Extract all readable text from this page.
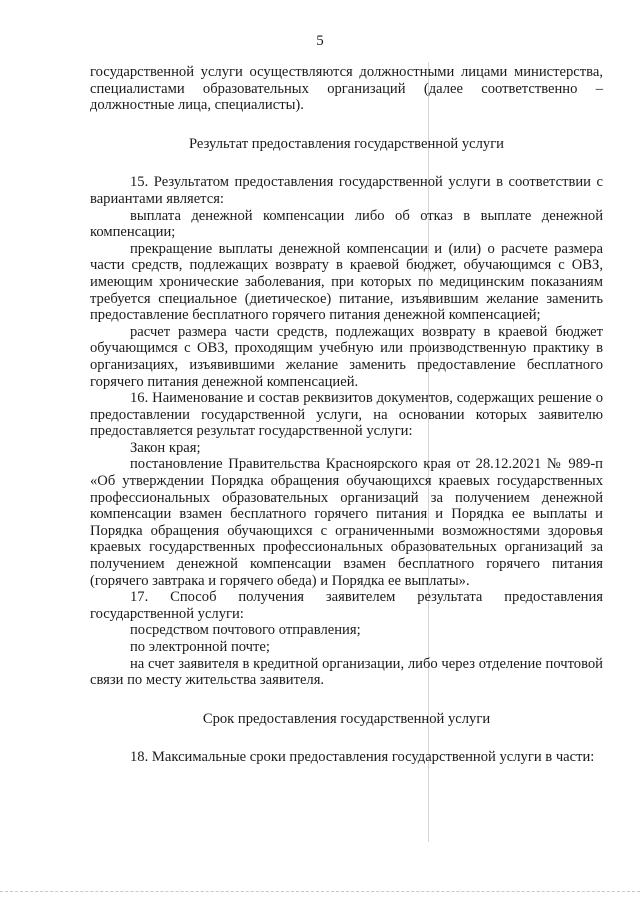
5

государственной услуги осуществляются должностными лицами министерства, специалистами образовательных организаций (далее соответственно – должностные лица, специалисты).

Результат предоставления государственной услуги

15. Результатом предоставления государственной услуги в соответствии с вариантами является:

выплата денежной компенсации либо об отказ в выплате денежной компенсации;

прекращение выплаты денежной компенсации и (или) о расчете размера части средств, подлежащих возврату в краевой бюджет, обучающимся с ОВЗ, имеющим хронические заболевания, при которых по медицинским показаниям требуется специальное (диетическое) питание, изъявившим желание заменить предоставление бесплатного горячего питания денежной компенсацией;

расчет размера части средств, подлежащих возврату в краевой бюджет обучающимся с ОВЗ, проходящим учебную или производственную практику в организациях, изъявившими желание заменить предоставление бесплатного горячего питания денежной компенсацией.

16. Наименование и состав реквизитов документов, содержащих решение о предоставлении государственной услуги, на основании которых заявителю предоставляется результат государственной услуги:

Закон края;

постановление Правительства Красноярского края от 28.12.2021 № 989-п «Об утверждении Порядка обращения обучающихся краевых государственных профессиональных образовательных организаций за получением денежной компенсации взамен бесплатного горячего питания и Порядка ее выплаты и Порядка обращения обучающихся с ограниченными возможностями здоровья краевых государственных профессиональных образовательных организаций за получением денежной компенсации взамен бесплатного горячего питания (горячего завтрака и горячего обеда) и Порядка ее выплаты».

17. Способ получения заявителем результата предоставления государственной услуги:

посредством почтового отправления;

по электронной почте;

на счет заявителя в кредитной организации, либо через отделение почтовой связи по месту жительства заявителя.

Срок предоставления государственной услуги

18. Максимальные сроки предоставления государственной услуги в части:
